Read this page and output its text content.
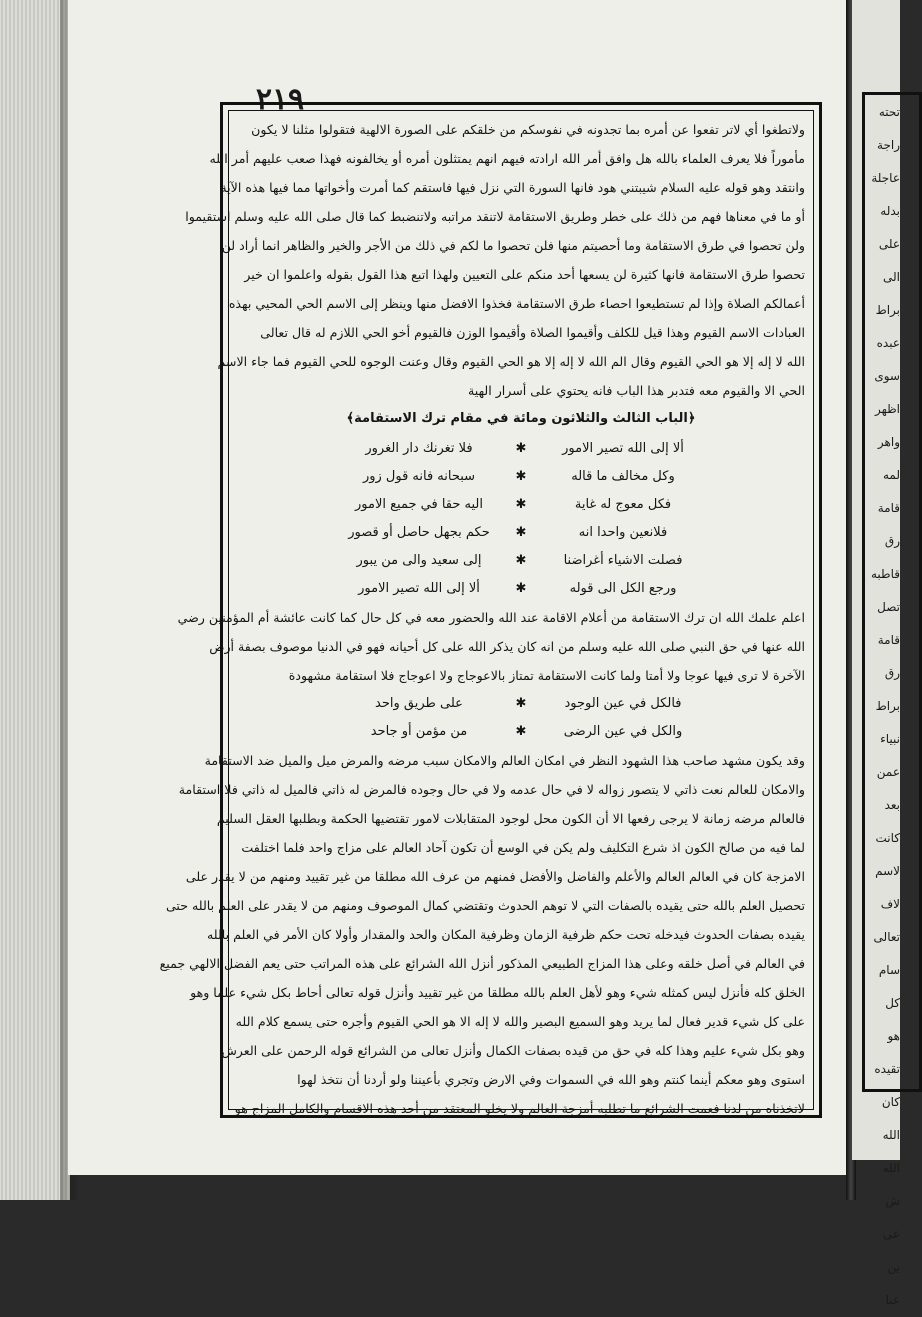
٢١٩

ولاتطغوا أي لاتر تفعوا عن أمره بما تجدونه في نفوسكم من خلقكم على الصورة الالهية فتقولوا مثلنا لا يكون

مأموراً فلا يعرف العلماء بالله هل وافق أمر الله ارادته فيهم انهم يمتثلون أمره أو يخالفونه فهذا صعب عليهم أمر الله

وانتقد وهو قوله عليه السلام شيبتني هود فانها السورة التي نزل فيها فاستقم كما أمرت وأخواتها مما فيها هذه الآية

أو ما في معناها فهم من ذلك على خطر وطريق الاستقامة لاتنقد مراتبه ولاتنضبط كما قال صلى الله عليه وسلم استقيموا

ولن تحصوا في طرق الاستقامة وما أحصيتم منها فلن تحصوا ما لكم في ذلك من الأجر والخير والظاهر انما أراد لن

تحصوا طرق الاستقامة فانها كثيرة لن يسعها أحد منكم على التعيين ولهذا اتبع هذا القول بقوله واعلموا ان خير

أعمالكم الصلاة وإذا لم تستطيعوا احصاء طرق الاستقامة فخذوا الافضل منها وينظر إلى الاسم الحي المحيي بهذه

العبادات الاسم القيوم وهذا قيل للكلف وأقيموا الصلاة وأقيموا الوزن فالقيوم أخو الحي اللازم له قال تعالى

الله لا إله إلا هو الحي القيوم وقال الم الله لا إله إلا هو الحي القيوم وقال وعنت الوجوه للحي القيوم فما جاء الاسم

الحي الا والقيوم معه فتدبر هذا الباب فانه يحتوي على أسرار الهية

﴿الباب الثالث والثلاثون ومائة في مقام ترك الاستقامة﴾
ألا إلى الله تصير الامور
✱
فلا تغرنك دار الغرور
وكل مخالف ما قاله
✱
سبحانه فانه قول زور
فكل معوج له غاية
✱
اليه حقا في جميع الامور
فلانعين واحدا انه
✱
حكم بجهل حاصل أو قصور
فصلت الاشياء أغراضنا
✱
إلى سعيد والى من يبور
ورجع الكل الى قوله
✱
ألا إلى الله تصير الامور

اعلم علمك الله ان ترك الاستقامة من أعلام الاقامة عند الله والحضور معه في كل حال كما كانت عائشة أم المؤمنين رضي

الله عنها في حق النبي صلى الله عليه وسلم من انه كان يذكر الله على كل أحيانه فهو في الدنيا موصوف بصفة أرض

الآخرة لا ترى فيها عوجا ولا أمتا ولما كانت الاستقامة تمتاز بالاعوجاج ولا اعوجاج فلا استقامة مشهودة

فالكل في عين الوجود
✱
على طريق واحد
والكل في عين الرضى
✱
من مؤمن أو جاحد

وقد يكون مشهد صاحب هذا الشهود النظر في امكان العالم والامكان سبب مرضه والمرض ميل والميل ضد الاستقامة

والامكان للعالم نعت ذاتي لا يتصور زواله لا في حال عدمه ولا في حال وجوده فالمرض له ذاتي فالميل له ذاتي فلا استقامة

فالعالم مرضه زمانة لا يرجى رفعها الا أن الكون محل لوجود المتقابلات لامور تقتضيها الحكمة وبطلبها العقل السليم

لما فيه من صالح الكون اذ شرع التكليف ولم يكن في الوسع أن تكون آحاد العالم على مزاج واحد فلما اختلفت

الامزجة كان في العالم العالم والأعلم والفاضل والأفضل فمنهم من عرف الله مطلقا من غير تقييد ومنهم من لا يقدر على

تحصيل العلم بالله حتى يقيده بالصفات التي لا توهم الحدوث وتقتضي كمال الموصوف ومنهم من لا يقدر على العلم بالله حتى

يقيده بصفات الحدوث فيدخله تحت حكم ظرفية الزمان وظرفية المكان والحد والمقدار وأولا كان الأمر في العلم بالله

في العالم في أصل خلقه وعلى هذا المزاج الطبيعي المذكور أنزل الله الشرائع على هذه المراتب حتى يعم الفضل الالهي جميع

الخلق كله فأنزل ليس كمثله شيء وهو لأهل العلم بالله مطلقا من غير تقييد وأنزل قوله تعالى أحاط بكل شيء علما وهو

على كل شيء قدير فعال لما يريد وهو السميع البصير والله لا إله الا هو الحي القيوم وأجره حتى يسمع كلام الله

وهو بكل شيء عليم وهذا كله في حق من قيده بصفات الكمال وأنزل تعالى من الشرائع قوله الرحمن على العرش

استوى وهو معكم أينما كنتم وهو الله في السموات وفي الارض وتجري بأعيننا ولو أردنا أن نتخذ لهوا

لاتخذناه من لدنا فعمت الشرائع ما تطلبه أمزجة العالم ولا يخلو المعتقد من أحد هذه الاقسام والكامل المزاج هو

تحته
راجة
عاجلة
بدله
على
الى
براط
عبده
سوى
اظهر
واهر
لمه
قامة
رق
قاطبه
تصل
قامة
رق
براط
نبياء
عمن
بعد
كانت
لاسم
لاف
تعالى
سام
كل
هو
تقيده
كان
الله
الله
ش
عى
ين
عبا
